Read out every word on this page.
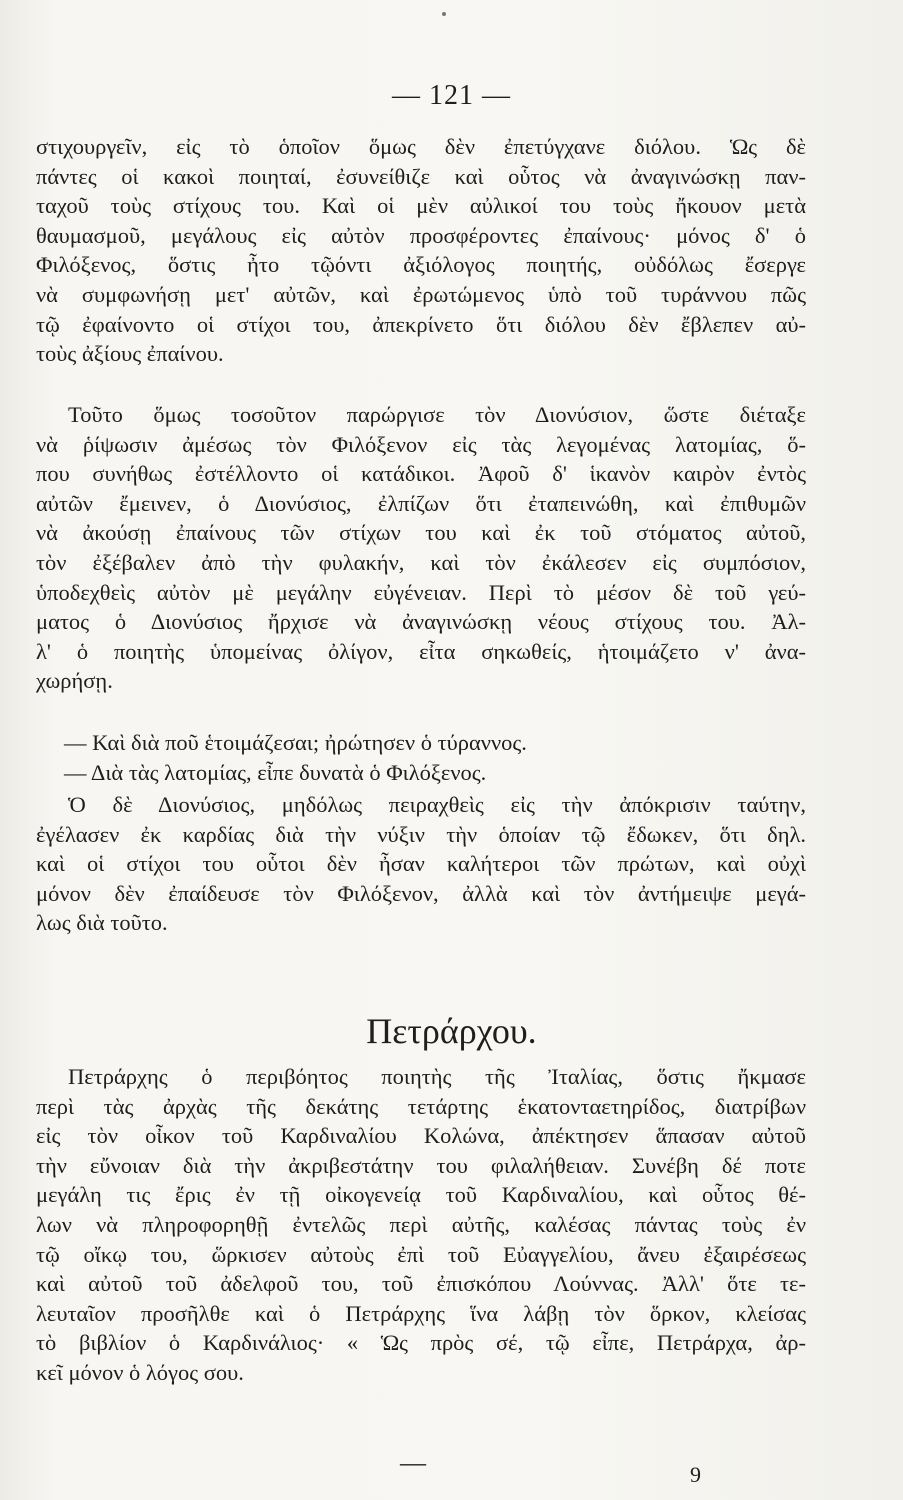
— 121 —
στιχουργεῖν, εἰς τὸ ὁποῖον ὅμως δὲν ἐπετύγχανε διόλου. Ὡς δὲ
πάντες οἱ κακοὶ ποιηταί, ἐσυνείθιζε καὶ οὗτος νὰ ἀναγινώσκῃ παν-
ταχοῦ τοὺς στίχους του. Καὶ οἱ μὲν αὐλικοί του τοὺς ἤκουον μετὰ
θαυμασμοῦ, μεγάλους εἰς αὐτὸν προσφέροντες ἐπαίνους· μόνος δ' ὁ
Φιλόξενος, ὅστις ἦτο τῷόντι ἀξιόλογος ποιητής, οὐδόλως ἔσεργε
νὰ συμφωνήσῃ μετ' αὐτῶν, καὶ ἐρωτώμενος ὑπὸ τοῦ τυράννου πῶς
τῷ ἐφαίνοντο οἱ στίχοι του, ἀπεκρίνετο ὅτι διόλου δὲν ἔβλεπεν αὐ-
τοὺς ἀξίους ἐπαίνου.
Τοῦτο ὅμως τοσοῦτον παρώργισε τὸν Διονύσιον, ὥστε διέταξε
νὰ ῥίψωσιν ἀμέσως τὸν Φιλόξενον εἰς τὰς λεγομένας λατομίας, ὅ-
που συνήθως ἐστέλλοντο οἱ κατάδικοι. Ἀφοῦ δ' ἱκανὸν καιρὸν ἐντὸς
αὐτῶν ἔμεινεν, ὁ Διονύσιος, ἐλπίζων ὅτι ἐταπεινώθη, καὶ ἐπιθυμῶν
νὰ ἀκούσῃ ἐπαίνους τῶν στίχων του καὶ ἐκ τοῦ στόματος αὐτοῦ,
τὸν ἐξέβαλεν ἀπὸ τὴν φυλακήν, καὶ τὸν ἐκάλεσεν εἰς συμπόσιον,
ὑποδεχθεὶς αὐτὸν μὲ μεγάλην εὐγένειαν. Περὶ τὸ μέσον δὲ τοῦ γεύ-
ματος ὁ Διονύσιος ἤρχισε νὰ ἀναγινώσκῃ νέους στίχους του. Ἀλ-
λ' ὁ ποιητὴς ὑπομείνας ὀλίγον, εἶτα σηκωθείς, ἡτοιμάζετο ν' ἀνα-
χωρήσῃ.
— Καὶ διὰ ποῦ ἑτοιμάζεσαι; ἠρώτησεν ὁ τύραννος.
— Διὰ τὰς λατομίας, εἶπε δυνατὰ ὁ Φιλόξενος.
Ὁ δὲ Διονύσιος, μηδόλως πειραχθεὶς εἰς τὴν ἀπόκρισιν ταύτην,
ἐγέλασεν ἐκ καρδίας διὰ τὴν νύξιν τὴν ὁποίαν τῷ ἔδωκεν, ὅτι δηλ.
καὶ οἱ στίχοι του οὗτοι δὲν ἦσαν καλήτεροι τῶν πρώτων, καὶ οὐχὶ
μόνον δὲν ἐπαίδευσε τὸν Φιλόξενον, ἀλλὰ καὶ τὸν ἀντήμειψε μεγά-
λως διὰ τοῦτο.
Πετράρχου.
Πετράρχης ὁ περιβόητος ποιητὴς τῆς Ἰταλίας, ὅστις ἤκμασε
περὶ τὰς ἀρχὰς τῆς δεκάτης τετάρτης ἑκατονταετηρίδος, διατρίβων
εἰς τὸν οἶκον τοῦ Καρδιναλίου Κολώνα, ἀπέκτησεν ἅπασαν αὐτοῦ
τὴν εὔνοιαν διὰ τὴν ἀκριβεστάτην του φιλαλήθειαν. Συνέβη δέ ποτε
μεγάλη τις ἔρις ἐν τῇ οἰκογενείᾳ τοῦ Καρδιναλίου, καὶ οὗτος θέ-
λων νὰ πληροφορηθῇ ἐντελῶς περὶ αὐτῆς, καλέσας πάντας τοὺς ἐν
τῷ οἴκῳ του, ὥρκισεν αὐτοὺς ἐπὶ τοῦ Εὐαγγελίου, ἄνευ ἐξαιρέσεως
καὶ αὐτοῦ τοῦ ἀδελφοῦ του, τοῦ ἐπισκόπου Λούννας. Ἀλλ' ὅτε τε-
λευταῖον προσῆλθε καὶ ὁ Πετράρχης ἵνα λάβῃ τὸν ὅρκον, κλείσας
τὸ βιβλίον ὁ Καρδινάλιος· « Ὡς πρὸς σέ, τῷ εἶπε, Πετράρχα, ἀρ-
κεῖ μόνον ὁ λόγος σου.
—	9
